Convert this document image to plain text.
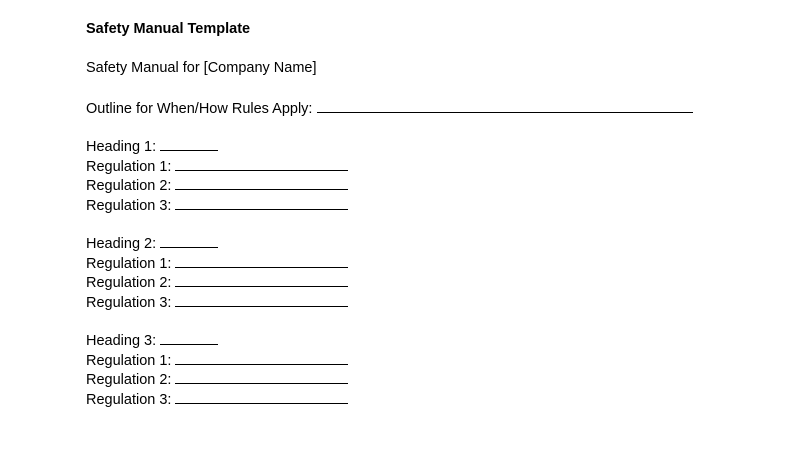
Safety Manual Template
Safety Manual for [Company Name]
Outline for When/How Rules Apply:
Heading 1:
Regulation 1:
Regulation 2:
Regulation 3:
Heading 2:
Regulation 1:
Regulation 2:
Regulation 3:
Heading 3:
Regulation 1:
Regulation 2:
Regulation 3:
